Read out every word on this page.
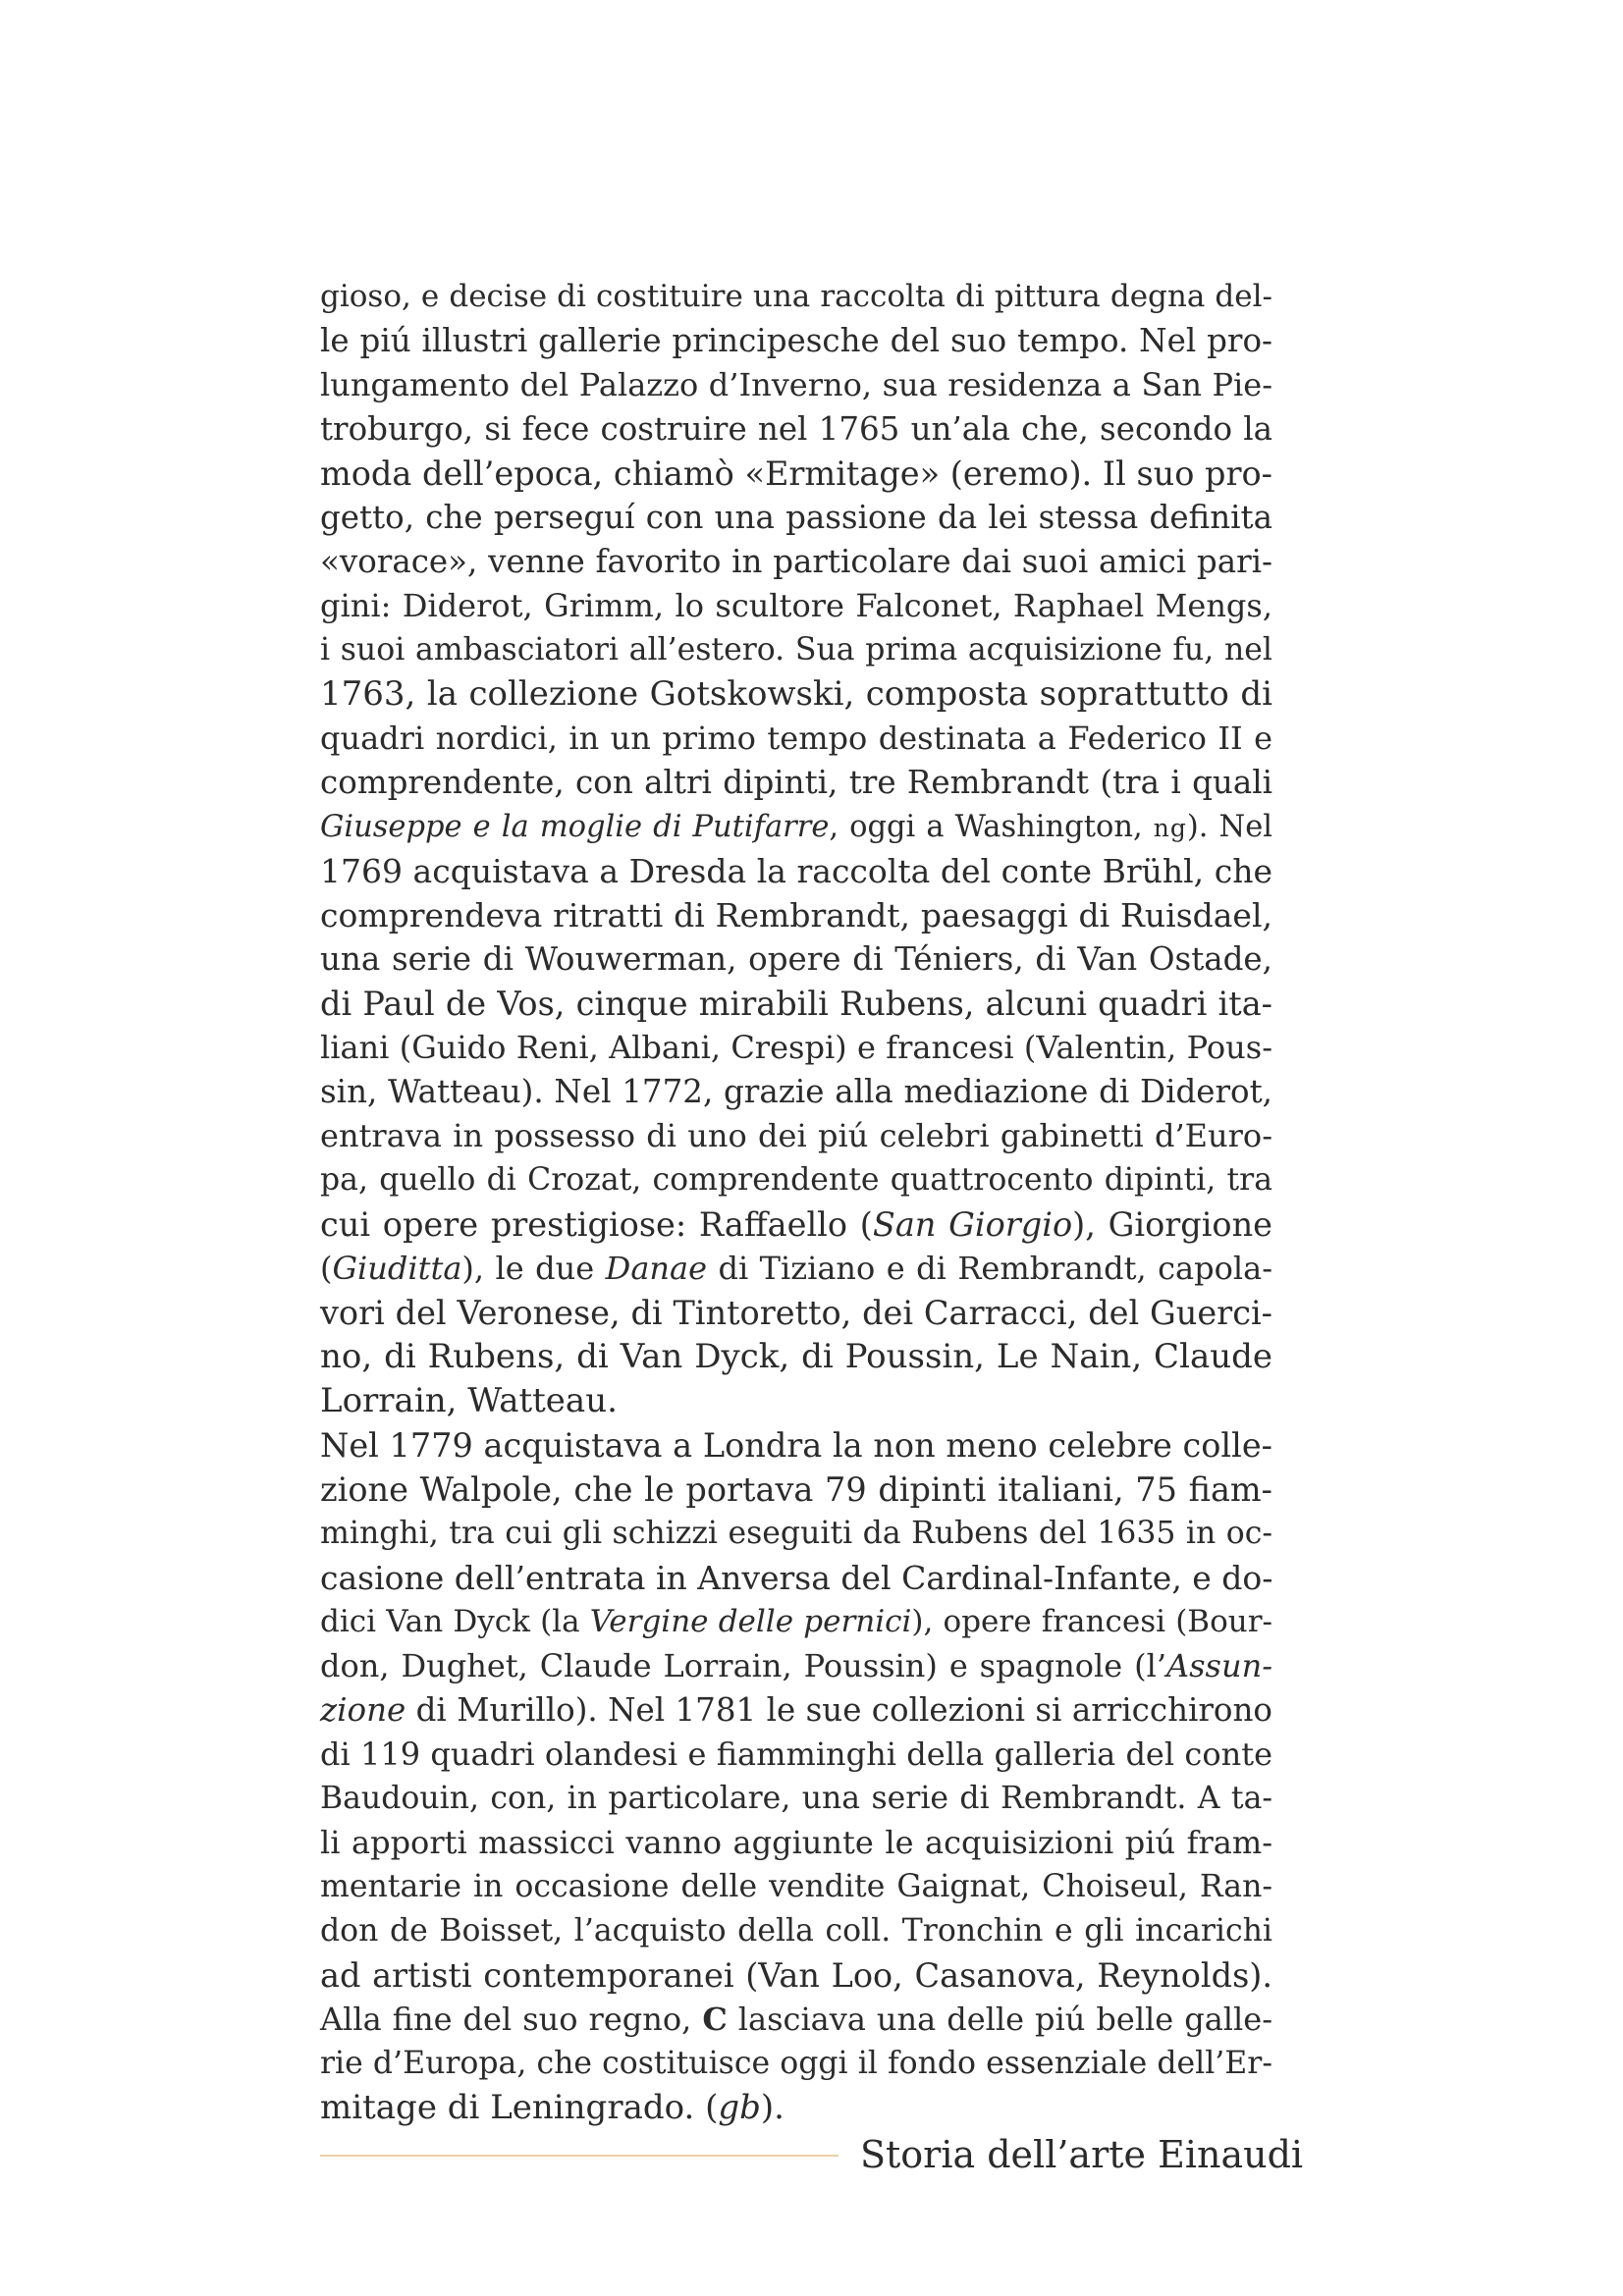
gioso, e decise di costituire una raccolta di pittura degna del-
le piú illustri gallerie principesche del suo tempo. Nel pro-
lungamento del Palazzo d’Inverno, sua residenza a San Pie-
troburgo, si fece costruire nel 1765 un’ala che, secondo la
moda dell’epoca, chiamò «Ermitage» (eremo). Il suo pro-
getto, che perseguí con una passione da lei stessa definita
«vorace», venne favorito in particolare dai suoi amici pari-
gini: Diderot, Grimm, lo scultore Falconet, Raphael Mengs,
i suoi ambasciatori all’estero. Sua prima acquisizione fu, nel
1763, la collezione Gotskowski, composta soprattutto di
quadri nordici, in un primo tempo destinata a Federico II e
comprendente, con altri dipinti, tre Rembrandt (tra i quali
Giuseppe e la moglie di Putifarre, oggi a Washington, ng). Nel
1769 acquistava a Dresda la raccolta del conte Brühl, che
comprendeva ritratti di Rembrandt, paesaggi di Ruisdael,
una serie di Wouwerman, opere di Téniers, di Van Ostade,
di Paul de Vos, cinque mirabili Rubens, alcuni quadri ita-
liani (Guido Reni, Albani, Crespi) e francesi (Valentin, Pous-
sin, Watteau). Nel 1772, grazie alla mediazione di Diderot,
entrava in possesso di uno dei piú celebri gabinetti d’Euro-
pa, quello di Crozat, comprendente quattrocento dipinti, tra
cui opere prestigiose: Raffaello (San Giorgio), Giorgione
(Giuditta), le due Danae di Tiziano e di Rembrandt, capola-
vori del Veronese, di Tintoretto, dei Carracci, del Guerci-
no, di Rubens, di Van Dyck, di Poussin, Le Nain, Claude
Lorrain, Watteau.
Nel 1779 acquistava a Londra la non meno celebre colle-
zione Walpole, che le portava 79 dipinti italiani, 75 fiam-
minghi, tra cui gli schizzi eseguiti da Rubens del 1635 in oc-
casione dell’entrata in Anversa del Cardinal-Infante, e do-
dici Van Dyck (la Vergine delle pernici), opere francesi (Bour-
don, Dughet, Claude Lorrain, Poussin) e spagnole (l’Assun-
zione di Murillo). Nel 1781 le sue collezioni si arricchirono
di 119 quadri olandesi e fiamminghi della galleria del conte
Baudouin, con, in particolare, una serie di Rembrandt. A ta-
li apporti massicci vanno aggiunte le acquisizioni piú fram-
mentarie in occasione delle vendite Gaignat, Choiseul, Ran-
don de Boisset, l’acquisto della coll. Tronchin e gli incarichi
ad artisti contemporanei (Van Loo, Casanova, Reynolds).
Alla fine del suo regno, C lasciava una delle piú belle galle-
rie d’Europa, che costituisce oggi il fondo essenziale dell’Er-
mitage di Leningrado. (gb).
Storia dell’arte Einaudi
